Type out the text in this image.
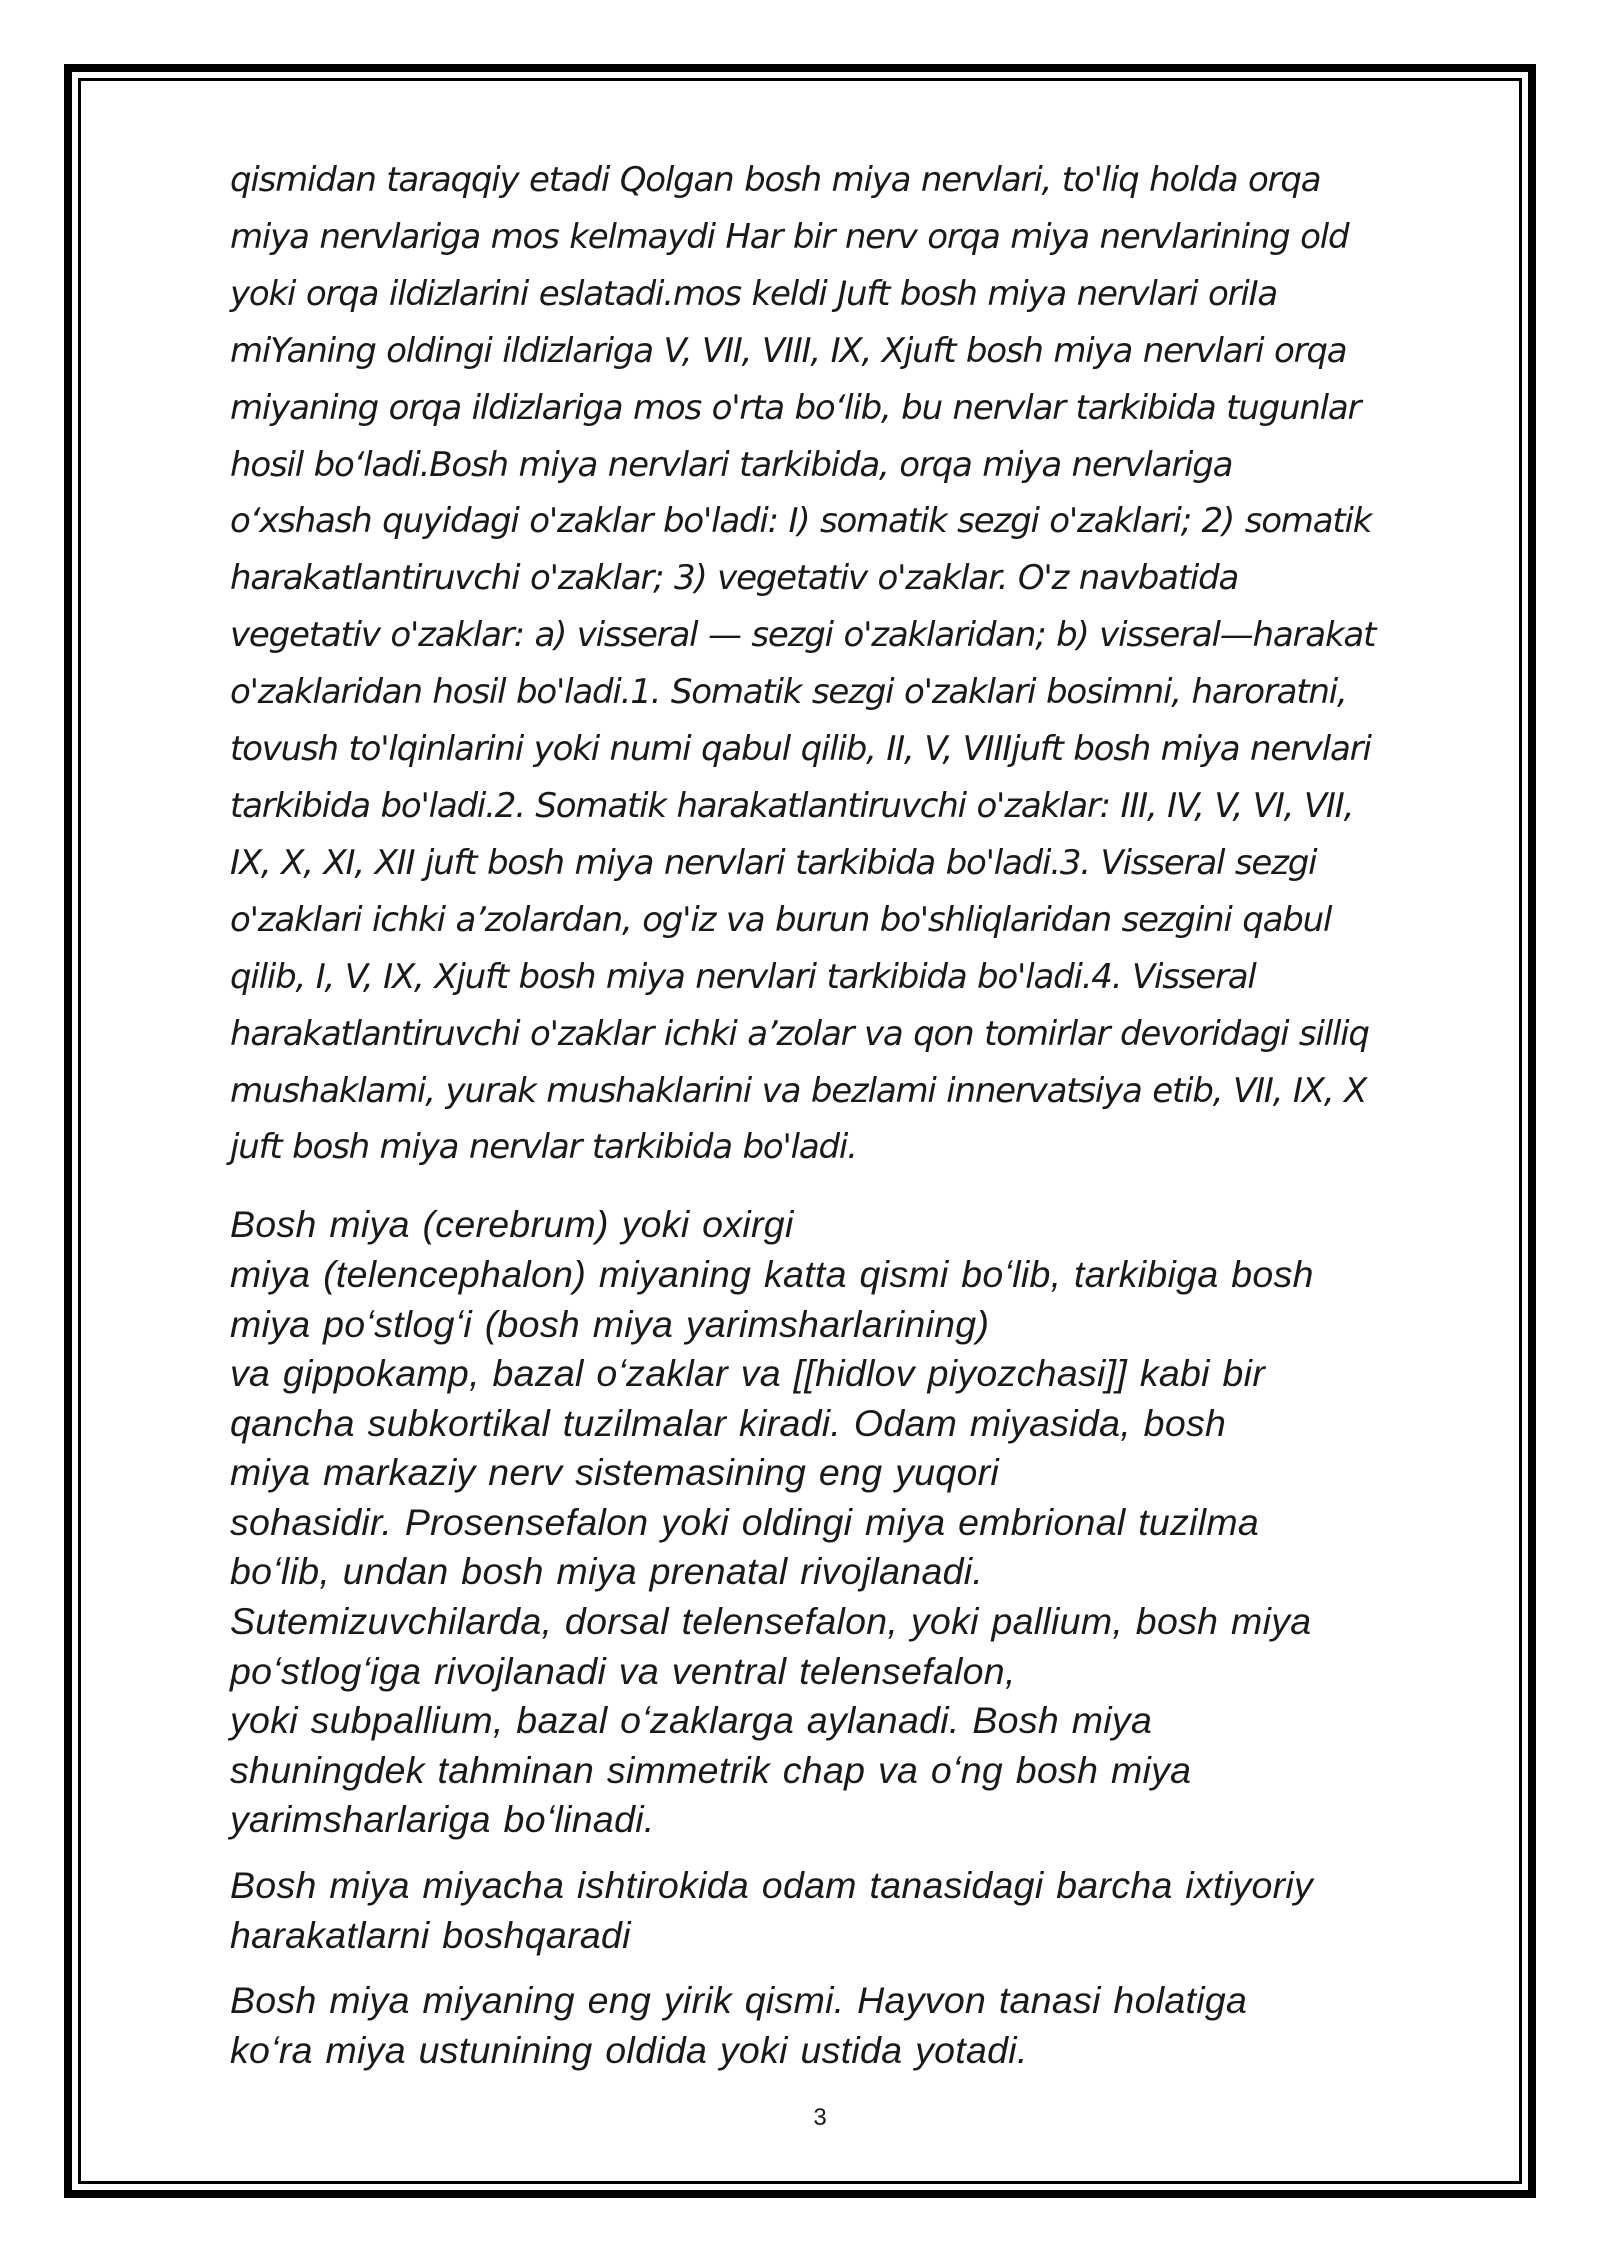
qismidan taraqqiy etadi Qolgan bosh miya nervlari, to'liq holda orqa
miya nervlariga mos kelmaydi Har bir nerv orqa miya nervlarining old
yoki orqa ildizlarini eslatadi.mos keldi Juft bosh miya nervlari oriIa
miYaning oldingi ildizlariga V, VII, VIII, IX, Xjuft bosh miya nervlari orqa
miyaning orqa ildizlariga mos o'rta boʻlib, bu nervlar tarkibida tugunlar
hosil boʻladi.Bosh miya nervlari tarkibida, orqa miya nervlariga
oʻxshash quyidagi o'zaklar bo'ladi: I) somatik sezgi o'zaklari; 2) somatik
harakatlantiruvchi o'zaklar; 3) vegetativ o'zaklar. O'z navbatida
vegetativ o'zaklar: a) visseral — sezgi o'zaklaridan; b) visseral—harakat
o'zaklaridan hosil bo'ladi.1. Somatik sezgi o'zaklari bosimni, haroratni,
tovush to'lqinlarini yoki numi qabul qilib, II, V, VIIIjuft bosh miya nervlari
tarkibida bo'ladi.2. Somatik harakatlantiruvchi o'zaklar: III, IV, V, VI, VII,
IX, X, XI, XII juft bosh miya nervlari tarkibida bo'ladi.3. Visseral sezgi
o'zaklari ichki a’zolardan, og'iz va burun bo'shliqlaridan sezgini qabul
qilib, I, V, IX, Xjuft bosh miya nervlari tarkibida bo'ladi.4. Visseral
harakatlantiruvchi o'zaklar ichki a’zolar va qon tomirlar devoridagi silliq
mushaklami, yurak mushaklarini va bezlami innervatsiya etib, VII, IX, X
juft bosh miya nervlar tarkibida bo'ladi.

Bosh miya (cerebrum) yoki oxirgi
miya (telencephalon) miyaning katta qismi boʻlib, tarkibiga bosh
miya poʻstlogʻi (bosh miya yarimsharlarining)
va gippokamp, bazal oʻzaklar va [[hidlov piyozchasi]] kabi bir
qancha subkortikal tuzilmalar kiradi. Odam miyasida, bosh
miya markaziy nerv sistemasining eng yuqori
sohasidir. Prosensefalon yoki oldingi miya embrional tuzilma
boʻlib, undan bosh miya prenatal rivojlanadi.
Sutemizuvchilarda, dorsal telensefalon, yoki pallium, bosh miya
poʻstlogʻiga rivojlanadi va ventral telensefalon,
yoki subpallium, bazal oʻzaklarga aylanadi. Bosh miya
shuningdek tahminan simmetrik chap va oʻng bosh miya
yarimsharlariga boʻlinadi.

Bosh miya miyacha ishtirokida odam tanasidagi barcha ixtiyoriy
harakatlarni boshqaradi

Bosh miya miyaning eng yirik qismi. Hayvon tanasi holatiga
koʻra miya ustunining oldida yoki ustida yotadi.

3
